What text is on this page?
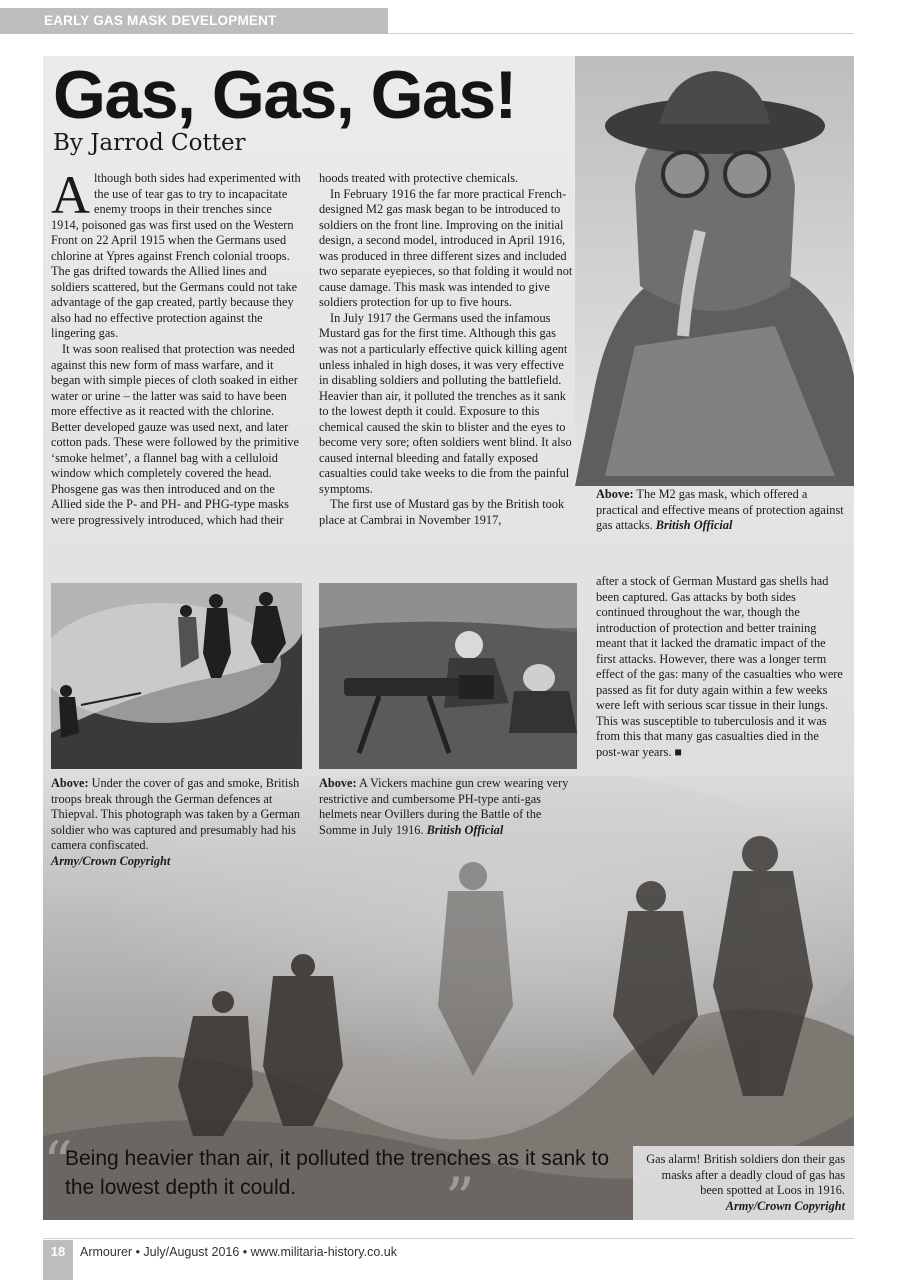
EARLY GAS MASK DEVELOPMENT
Gas, Gas, Gas!
By Jarrod Cotter

Although both sides had experimented with the use of tear gas to try to incapacitate enemy troops in their trenches since 1914, poisoned gas was first used on the Western Front on 22 April 1915 when the Germans used chlorine at Ypres against French colonial troops. The gas drifted towards the Allied lines and soldiers scattered, but the Germans could not take advantage of the gap created, partly because they also had no effective protection against the lingering gas.

It was soon realised that protection was needed against this new form of mass warfare, and it began with simple pieces of cloth soaked in either water or urine – the latter was said to have been more effective as it reacted with the chlorine. Better developed gauze was used next, and later cotton pads. These were followed by the primitive ‘smoke helmet’, a flannel bag with a celluloid window which completely covered the head. Phosgene gas was then introduced and on the Allied side the P- and PH- and PHG-type masks were progressively introduced, which had their

hoods treated with protective chemicals.

In February 1916 the far more practical French-designed M2 gas mask began to be introduced to soldiers on the front line. Improving on the initial design, a second model, introduced in April 1916, was produced in three different sizes and included two separate eyepieces, so that folding it would not cause damage. This mask was intended to give soldiers protection for up to five hours.

In July 1917 the Germans used the infamous Mustard gas for the first time. Although this gas was not a particularly effective quick killing agent unless inhaled in high doses, it was very effective in disabling soldiers and polluting the battlefield. Heavier than air, it polluted the trenches as it sank to the lowest depth it could. Exposure to this chemical caused the skin to blister and the eyes to become very sore; often soldiers went blind. It also caused internal bleeding and fatally exposed casualties could take weeks to die from the painful symptoms.

The first use of Mustard gas by the British took place at Cambrai in November 1917,

Above: The M2 gas mask, which offered a practical and effective means of protection against gas attacks. British Official
Above: Under the cover of gas and smoke, British troops break through the German defences at Thiepval. This photograph was taken by a German soldier who was captured and presumably had his camera confiscated.
Army/Crown Copyright
Above: A Vickers machine gun crew wearing very restrictive and cumbersome PH-type anti-gas helmets near Ovillers during the Battle of the Somme in July 1916. British Official

after a stock of German Mustard gas shells had been captured. Gas attacks by both sides continued throughout the war, though the introduction of protection and better training meant that it lacked the dramatic impact of the first attacks. However, there was a longer term effect of the gas: many of the casualties who were passed as fit for duty again within a few weeks were left with serious scar tissue in their lungs. This was susceptible to tuberculosis and it was from this that many gas casualties died in the post-war years. ■

“
Being heavier than air, it polluted the trenches as it sank to the lowest depth it could.	”
Gas alarm! British soldiers don their gas masks after a deadly cloud of gas has been spotted at Loos in 1916.
Army/Crown Copyright
18	Armourer • July/August 2016 • www.militaria-history.co.uk
